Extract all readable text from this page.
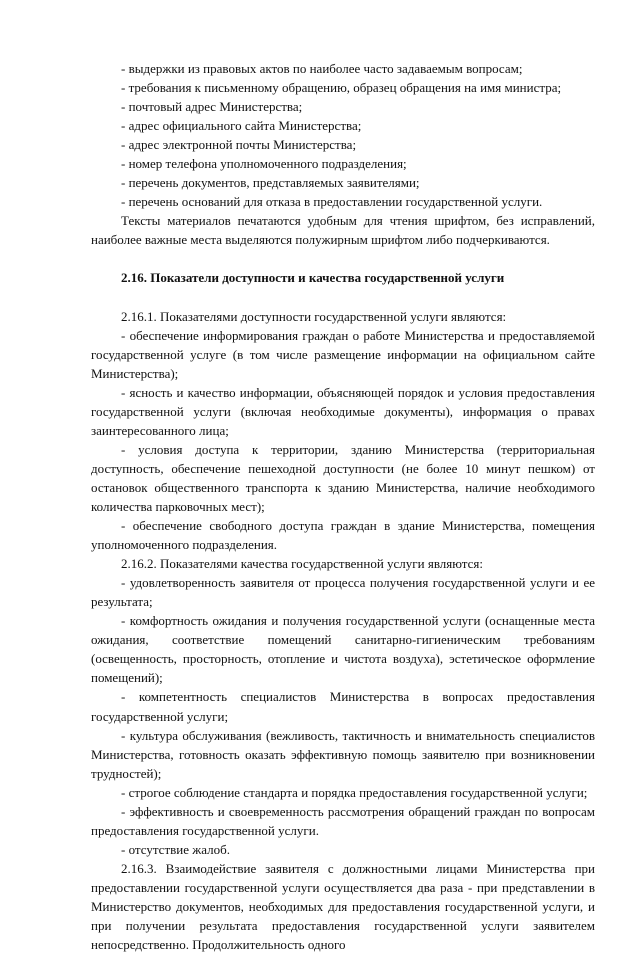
- выдержки из правовых актов по наиболее часто задаваемым вопросам;

- требования к письменному обращению, образец обращения на имя министра;

- почтовый адрес Министерства;

- адрес официального сайта Министерства;

- адрес электронной почты Министерства;

- номер телефона уполномоченного подразделения;

- перечень документов, представляемых заявителями;

- перечень оснований для отказа в предоставлении государственной услуги.

Тексты материалов печатаются удобным для чтения шрифтом, без исправлений, наиболее важные места выделяются полужирным шрифтом либо подчеркиваются.

2.16. Показатели доступности и качества государственной услуги

2.16.1. Показателями доступности государственной услуги являются:

- обеспечение информирования граждан о работе Министерства и предоставляемой государственной услуге (в том числе размещение информации на официальном сайте Министерства);

- ясность и качество информации, объясняющей порядок и условия предоставления государственной услуги (включая необходимые документы), информация о правах заинтересованного лица;

- условия доступа к территории, зданию Министерства (территориальная доступность, обеспечение пешеходной доступности (не более 10 минут пешком) от остановок общественного транспорта к зданию Министерства, наличие необходимого количества парковочных мест);

- обеспечение свободного доступа граждан в здание Министерства, помещения уполномоченного подразделения.

2.16.2. Показателями качества государственной услуги являются:

- удовлетворенность заявителя от процесса получения государственной услуги и ее результата;

- комфортность ожидания и получения государственной услуги (оснащенные места ожидания, соответствие помещений санитарно-гигиеническим требованиям (освещенность, просторность, отопление и чистота воздуха), эстетическое оформление помещений);

- компетентность специалистов Министерства в вопросах предоставления государственной услуги;

- культура обслуживания (вежливость, тактичность и внимательность специалистов Министерства, готовность оказать эффективную помощь заявителю при возникновении трудностей);

- строгое соблюдение стандарта и порядка предоставления государственной услуги;

- эффективность и своевременность рассмотрения обращений граждан по вопросам предоставления государственной услуги.

- отсутствие жалоб.

2.16.3. Взаимодействие заявителя с должностными лицами Министерства при предоставлении государственной услуги осуществляется два раза - при представлении в Министерство документов, необходимых для предоставления государственной услуги, и при получении результата предоставления государственной услуги заявителем непосредственно. Продолжительность одного
